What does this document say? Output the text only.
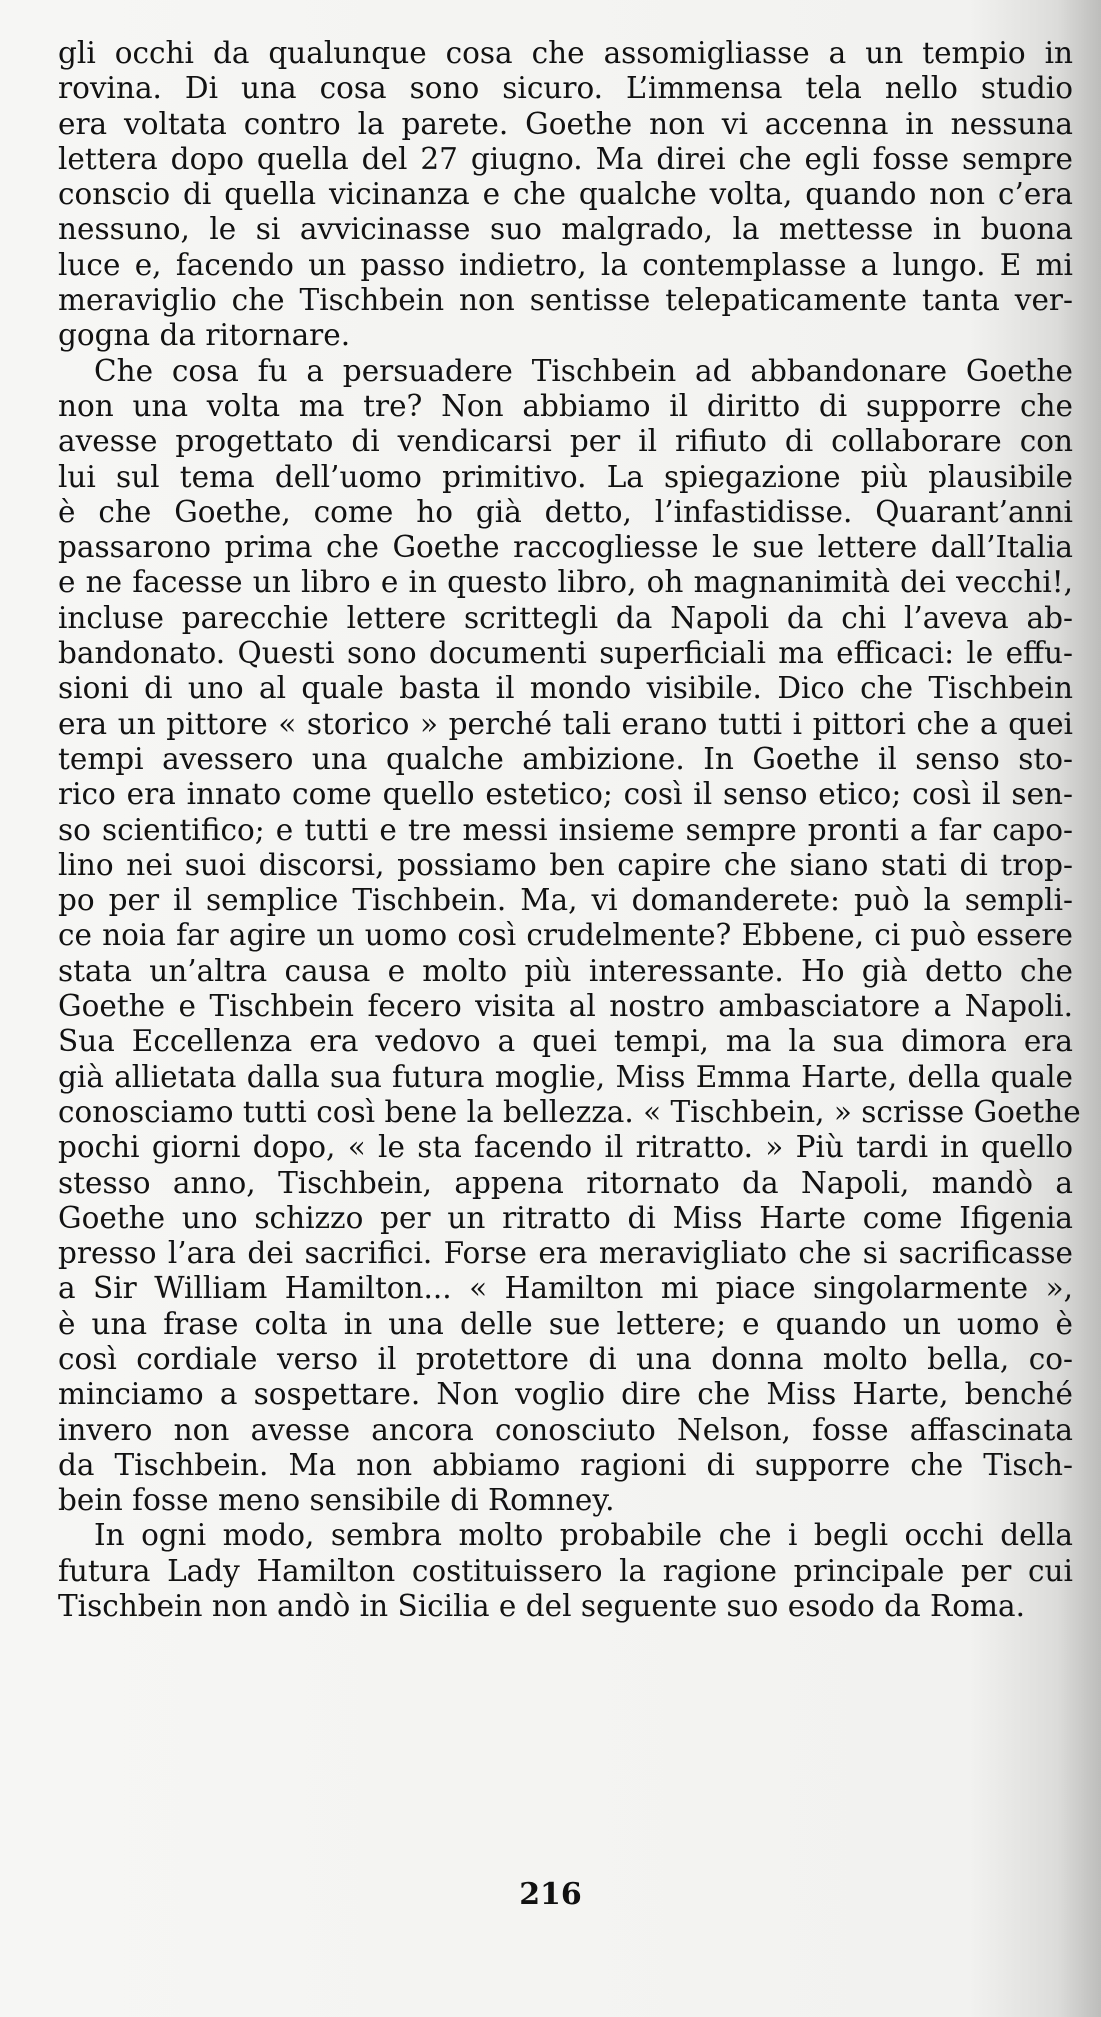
gli occhi da qualunque cosa che assomigliasse a un tempio in
rovina. Di una cosa sono sicuro. L’immensa tela nello studio
era voltata contro la parete. Goethe non vi accenna in nessuna
lettera dopo quella del 27 giugno. Ma direi che egli fosse sempre
conscio di quella vicinanza e che qualche volta, quando non c’era
nessuno, le si avvicinasse suo malgrado, la mettesse in buona
luce e, facendo un passo indietro, la contemplasse a lungo. E mi
meraviglio che Tischbein non sentisse telepaticamente tanta ver-
gogna da ritornare.
Che cosa fu a persuadere Tischbein ad abbandonare Goethe
non una volta ma tre? Non abbiamo il diritto di supporre che
avesse progettato di vendicarsi per il rifiuto di collaborare con
lui sul tema dell’uomo primitivo. La spiegazione più plausibile
è che Goethe, come ho già detto, l’infastidisse. Quarant’anni
passarono prima che Goethe raccogliesse le sue lettere dall’Italia
e ne facesse un libro e in questo libro, oh magnanimità dei vecchi!,
incluse parecchie lettere scrittegli da Napoli da chi l’aveva ab-
bandonato. Questi sono documenti superficiali ma efficaci: le effu-
sioni di uno al quale basta il mondo visibile. Dico che Tischbein
era un pittore « storico » perché tali erano tutti i pittori che a quei
tempi avessero una qualche ambizione. In Goethe il senso sto-
rico era innato come quello estetico; così il senso etico; così il sen-
so scientifico; e tutti e tre messi insieme sempre pronti a far capo-
lino nei suoi discorsi, possiamo ben capire che siano stati di trop-
po per il semplice Tischbein. Ma, vi domanderete: può la sempli-
ce noia far agire un uomo così crudelmente? Ebbene, ci può essere
stata un’altra causa e molto più interessante. Ho già detto che
Goethe e Tischbein fecero visita al nostro ambasciatore a Napoli.
Sua Eccellenza era vedovo a quei tempi, ma la sua dimora era
già allietata dalla sua futura moglie, Miss Emma Harte, della quale
conosciamo tutti così bene la bellezza. « Tischbein, » scrisse Goethe
pochi giorni dopo, « le sta facendo il ritratto. » Più tardi in quello
stesso anno, Tischbein, appena ritornato da Napoli, mandò a
Goethe uno schizzo per un ritratto di Miss Harte come Ifigenia
presso l’ara dei sacrifici. Forse era meravigliato che si sacrificasse
a Sir William Hamilton... « Hamilton mi piace singolarmente »,
è una frase colta in una delle sue lettere; e quando un uomo è
così cordiale verso il protettore di una donna molto bella, co-
minciamo a sospettare. Non voglio dire che Miss Harte, benché
invero non avesse ancora conosciuto Nelson, fosse affascinata
da Tischbein. Ma non abbiamo ragioni di supporre che Tisch-
bein fosse meno sensibile di Romney.
In ogni modo, sembra molto probabile che i begli occhi della
futura Lady Hamilton costituissero la ragione principale per cui
Tischbein non andò in Sicilia e del seguente suo esodo da Roma.
216
